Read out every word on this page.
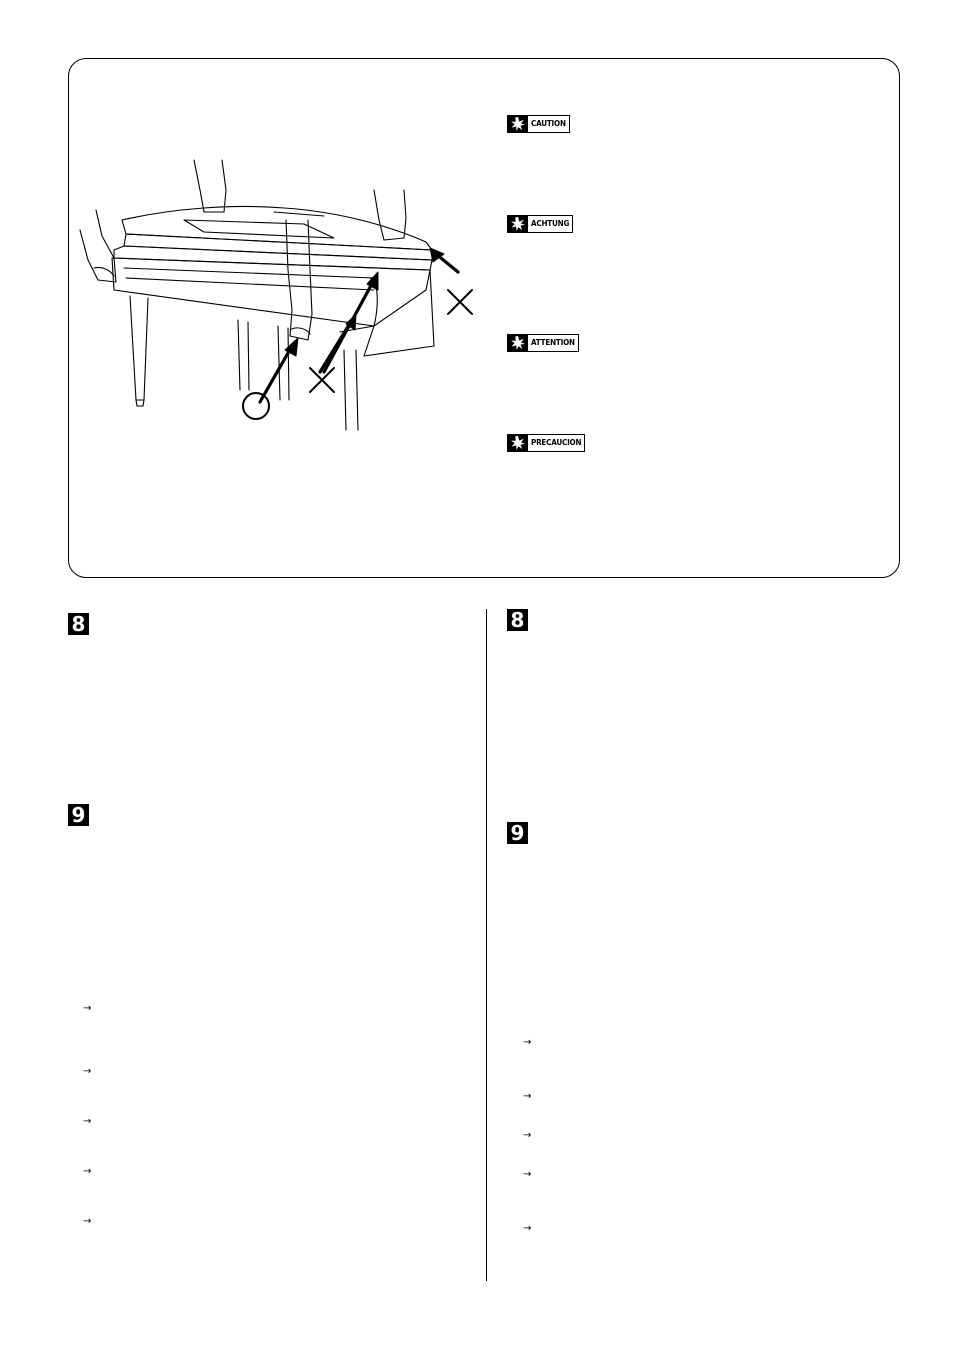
CAUTION
ACHTUNG
ATTENTION
PRECAUCION
8
9
8
9
→
→
→
→
→
→
→
→
→
→
